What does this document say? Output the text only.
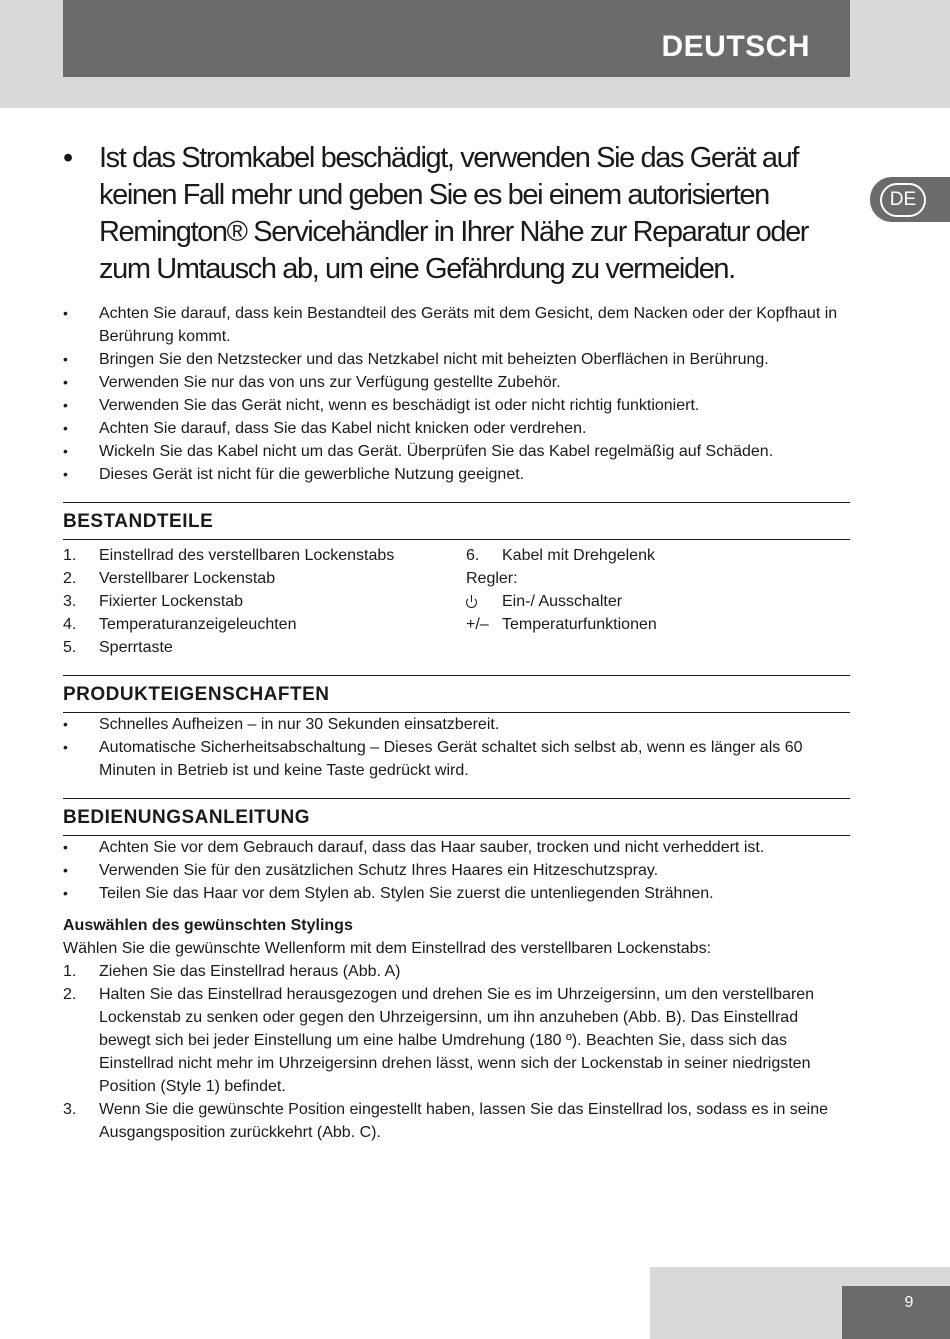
DEUTSCH
DE
• Ist das Stromkabel beschädigt, verwenden Sie das Gerät auf keinen Fall mehr und geben Sie es bei einem autorisierten Remington® Servicehändler in Ihrer Nähe zur Reparatur oder zum Umtausch ab, um eine Gefährdung zu vermeiden.
• Achten Sie darauf, dass kein Bestandteil des Geräts mit dem Gesicht, dem Nacken oder der Kopfhaut in Berührung kommt.
• Bringen Sie den Netzstecker und das Netzkabel nicht mit beheizten Oberflächen in Berührung.
• Verwenden Sie nur das von uns zur Verfügung gestellte Zubehör.
• Verwenden Sie das Gerät nicht, wenn es beschädigt ist oder nicht richtig funktioniert.
• Achten Sie darauf, dass Sie das Kabel nicht knicken oder verdrehen.
• Wickeln Sie das Kabel nicht um das Gerät. Überprüfen Sie das Kabel regelmäßig auf Schäden.
• Dieses Gerät ist nicht für die gewerbliche Nutzung geeignet.
BESTANDTEILE
1.	Einstellrad des verstellbaren Lockenstabs
2.	Verstellbarer Lockenstab
3.	Fixierter Lockenstab
4.	Temperaturanzeigeleuchten
5.	Sperrtaste
6.	Kabel mit Drehgelenk
Regler:
Ein-/ Ausschalter
+/– Temperaturfunktionen
PRODUKTEIGENSCHAFTEN
• Schnelles Aufheizen – in nur 30 Sekunden einsatzbereit.
• Automatische Sicherheitsabschaltung – Dieses Gerät schaltet sich selbst ab, wenn es länger als 60 Minuten in Betrieb ist und keine Taste gedrückt wird.
BEDIENUNGSANLEITUNG
• Achten Sie vor dem Gebrauch darauf, dass das Haar sauber, trocken und nicht verheddert ist.
• Verwenden Sie für den zusätzlichen Schutz Ihres Haares ein Hitzeschutzspray.
• Teilen Sie das Haar vor dem Stylen ab. Stylen Sie zuerst die untenliegenden Strähnen.
Auswählen des gewünschten Stylings
Wählen Sie die gewünschte Wellenform mit dem Einstellrad des verstellbaren Lockenstabs:
1.	Ziehen Sie das Einstellrad heraus (Abb. A)
2.	Halten Sie das Einstellrad herausgezogen und drehen Sie es im Uhrzeigersinn, um den verstellbaren Lockenstab zu senken oder gegen den Uhrzeigersinn, um ihn anzuheben (Abb. B). Das Einstellrad bewegt sich bei jeder Einstellung um eine halbe Umdrehung (180 º). Beachten Sie, dass sich das Einstellrad nicht mehr im Uhrzeigersinn drehen lässt, wenn sich der Lockenstab in seiner niedrigsten Position (Style 1) befindet.
3.	Wenn Sie die gewünschte Position eingestellt haben, lassen Sie das Einstellrad los, sodass es in seine Ausgangsposition zurückkehrt (Abb. C).
9
